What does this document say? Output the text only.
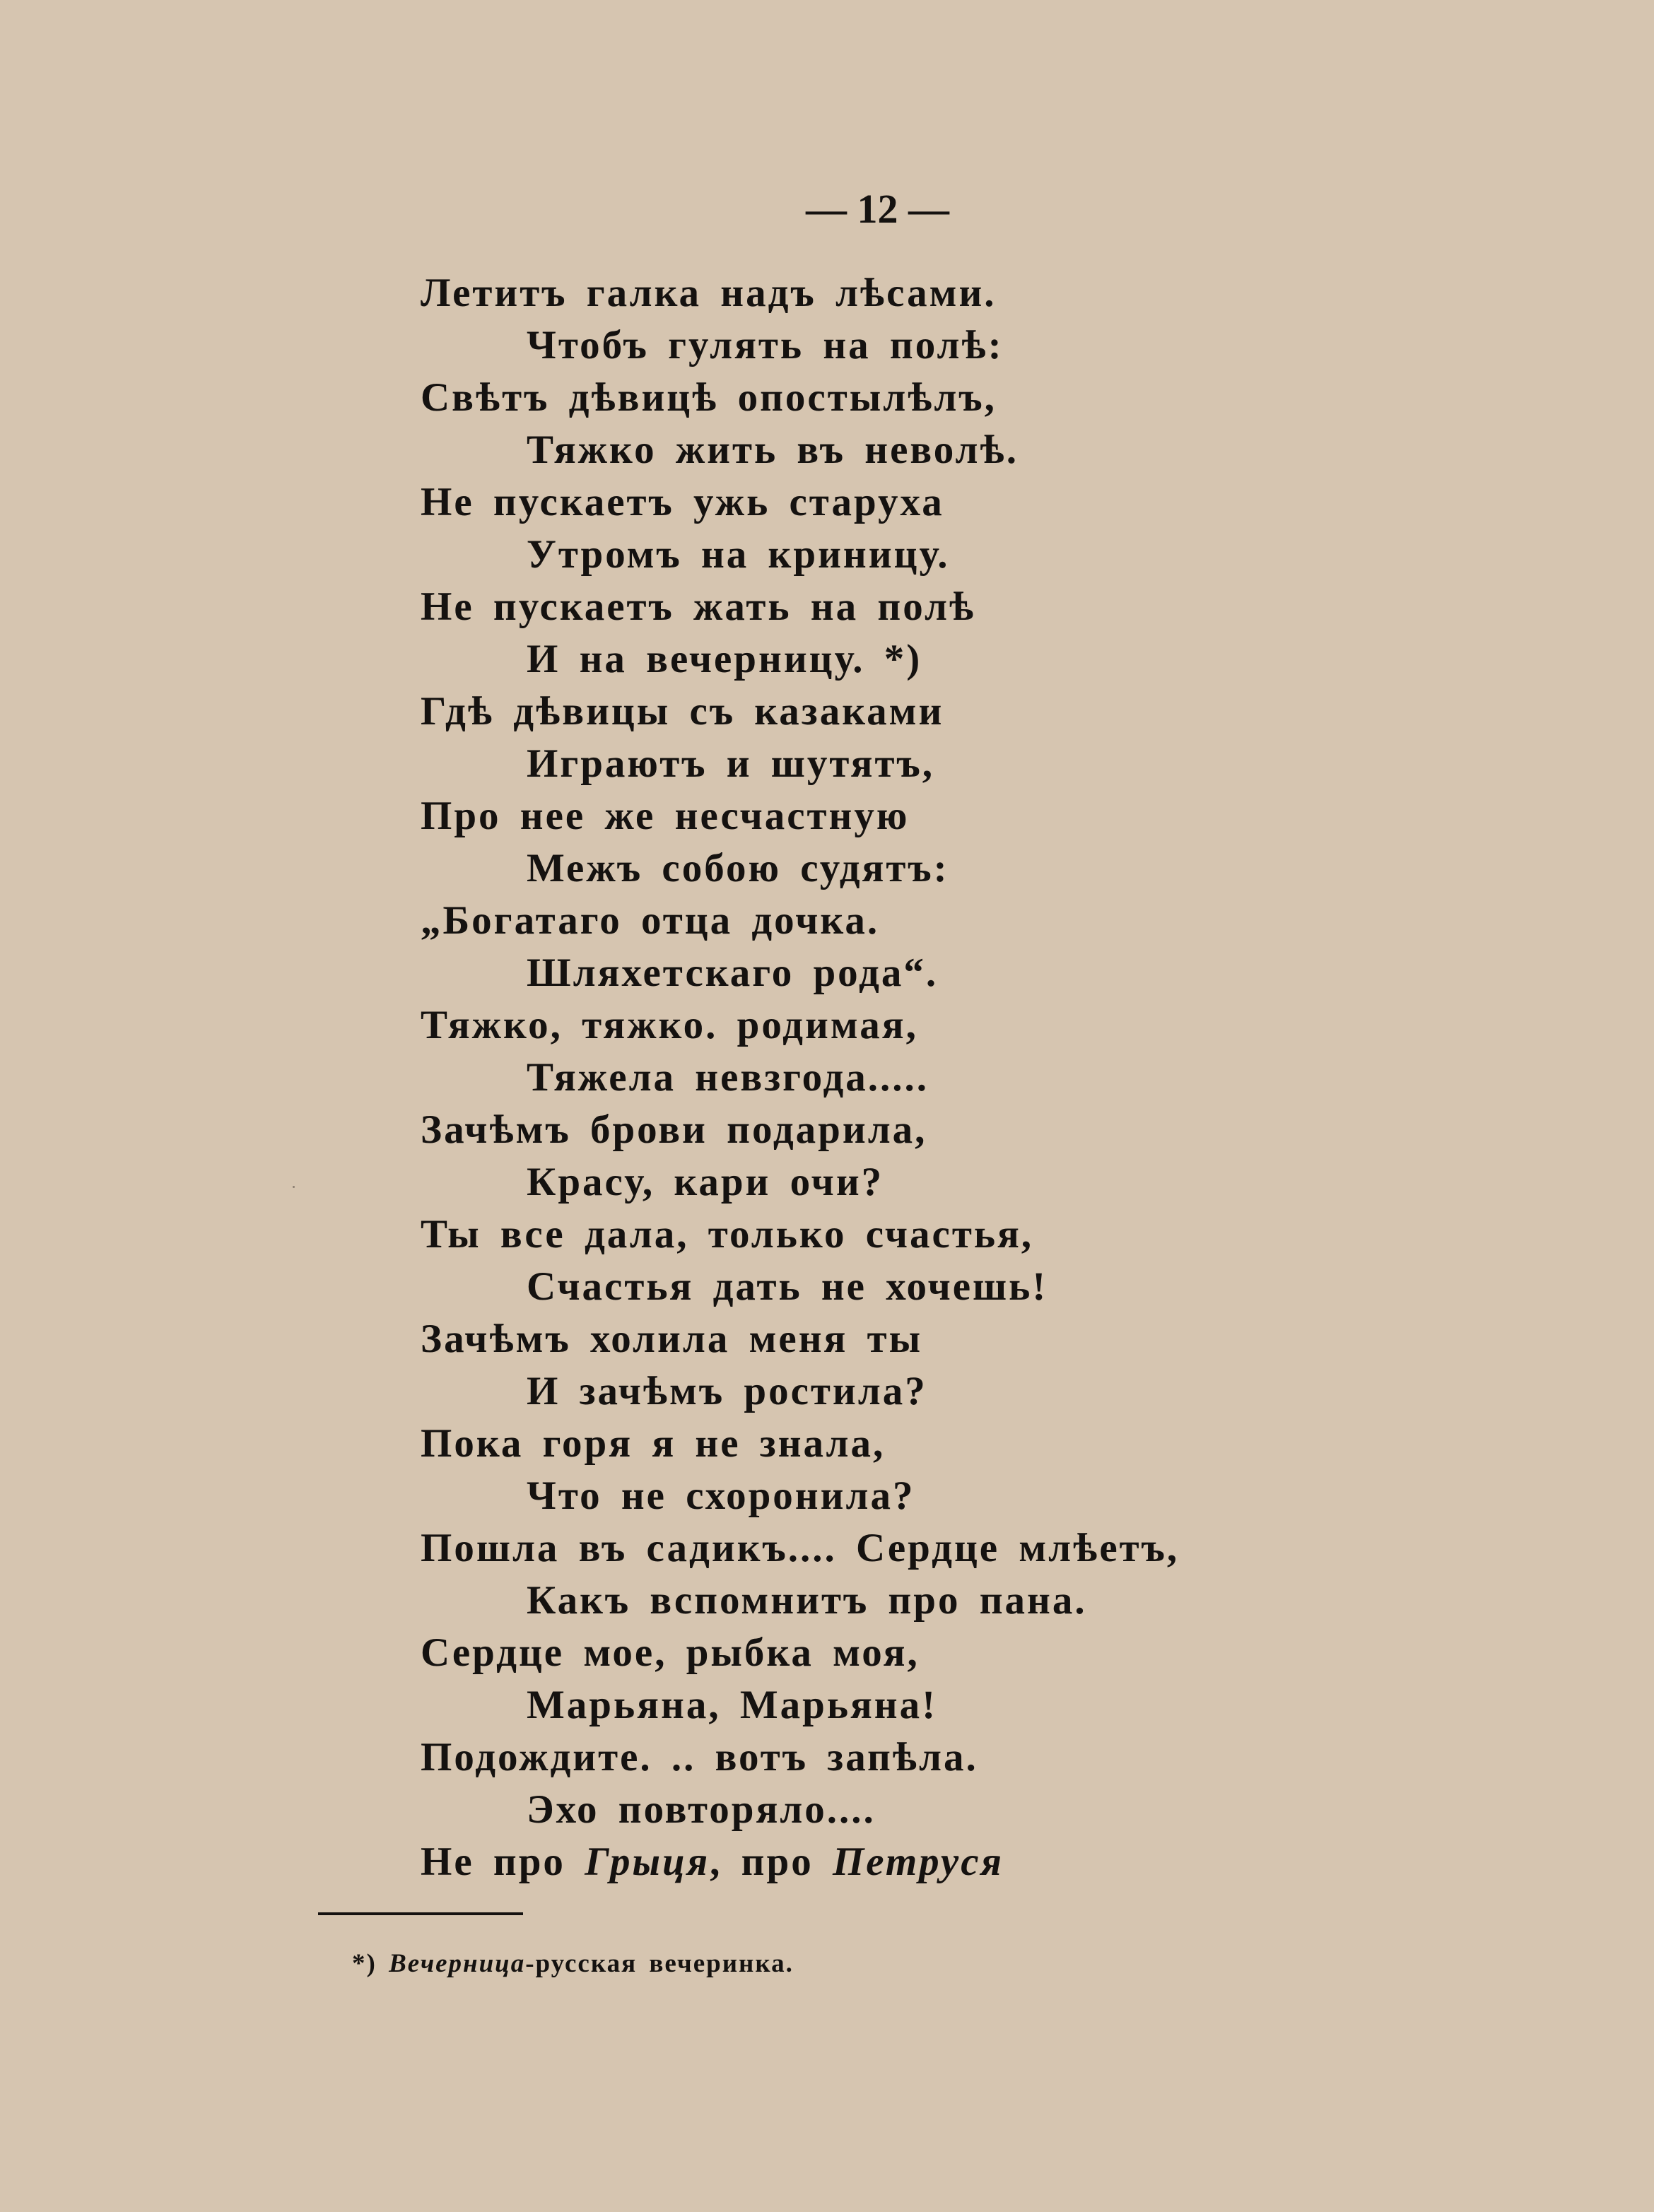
— 12 —
Летитъ галка надъ лѣсами.
Чтобъ гулять на полѣ:
Свѣтъ дѣвицѣ опостылѣлъ,
Тяжко жить въ неволѣ.
Не пускаетъ ужь старуха
Утромъ на криницу.
Не пускаетъ жать на полѣ
И на вечерницу. *)
Гдѣ дѣвицы съ казаками
Играютъ и шутятъ,
Про нее же несчастную
Межъ собою судятъ:
„Богатаго отца дочка.
Шляхетскаго рода“.
Тяжко, тяжко. родимая,
Тяжела невзгода.....
Зачѣмъ брови подарила,
Красу, кари очи?
Ты все дала, только счастья,
Счастья дать не хочешь!
Зачѣмъ холила меня ты
И зачѣмъ ростила?
Пока горя я не знала,
Что не схоронила?
Пошла въ садикъ.... Сердце млѣетъ,
Какъ вспомнитъ про пана.
Сердце мое, рыбка моя,
Марьяна, Марьяна!
Подождите. .. вотъ запѣла.
Эхо повторяло....
Не про Грыця, про Петруся
*) Вечерница-русская вечеринка.
